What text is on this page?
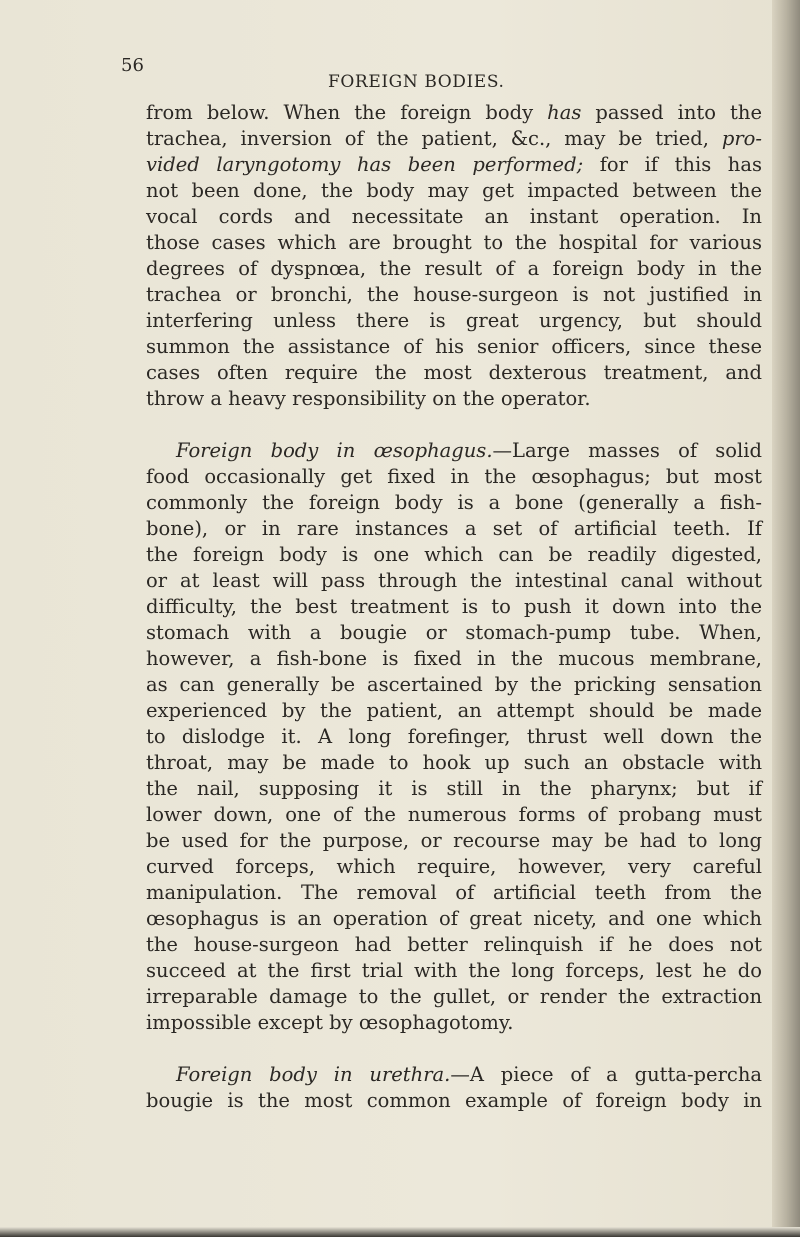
56
FOREIGN BODIES.
from below. When the foreign body has passed into the
trachea, inversion of the patient, &c., may be tried, pro-
vided laryngotomy has been performed; for if this has
not been done, the body may get impacted between the
vocal cords and necessitate an instant operation. In
those cases which are brought to the hospital for various
degrees of dyspnœa, the result of a foreign body in the
trachea or bronchi, the house-surgeon is not justified in
interfering unless there is great urgency, but should
summon the assistance of his senior officers, since these
cases often require the most dexterous treatment, and
throw a heavy responsibility on the operator.
Foreign body in œsophagus.—Large masses of solid
food occasionally get fixed in the œsophagus; but most
commonly the foreign body is a bone (generally a fish-
bone), or in rare instances a set of artificial teeth. If
the foreign body is one which can be readily digested,
or at least will pass through the intestinal canal without
difficulty, the best treatment is to push it down into the
stomach with a bougie or stomach-pump tube. When,
however, a fish-bone is fixed in the mucous membrane,
as can generally be ascertained by the pricking sensation
experienced by the patient, an attempt should be made
to dislodge it. A long forefinger, thrust well down the
throat, may be made to hook up such an obstacle with
the nail, supposing it is still in the pharynx; but if
lower down, one of the numerous forms of probang must
be used for the purpose, or recourse may be had to long
curved forceps, which require, however, very careful
manipulation. The removal of artificial teeth from the
œsophagus is an operation of great nicety, and one which
the house-surgeon had better relinquish if he does not
succeed at the first trial with the long forceps, lest he do
irreparable damage to the gullet, or render the extraction
impossible except by œsophagotomy.
Foreign body in urethra.—A piece of a gutta-percha
bougie is the most common example of foreign body in
